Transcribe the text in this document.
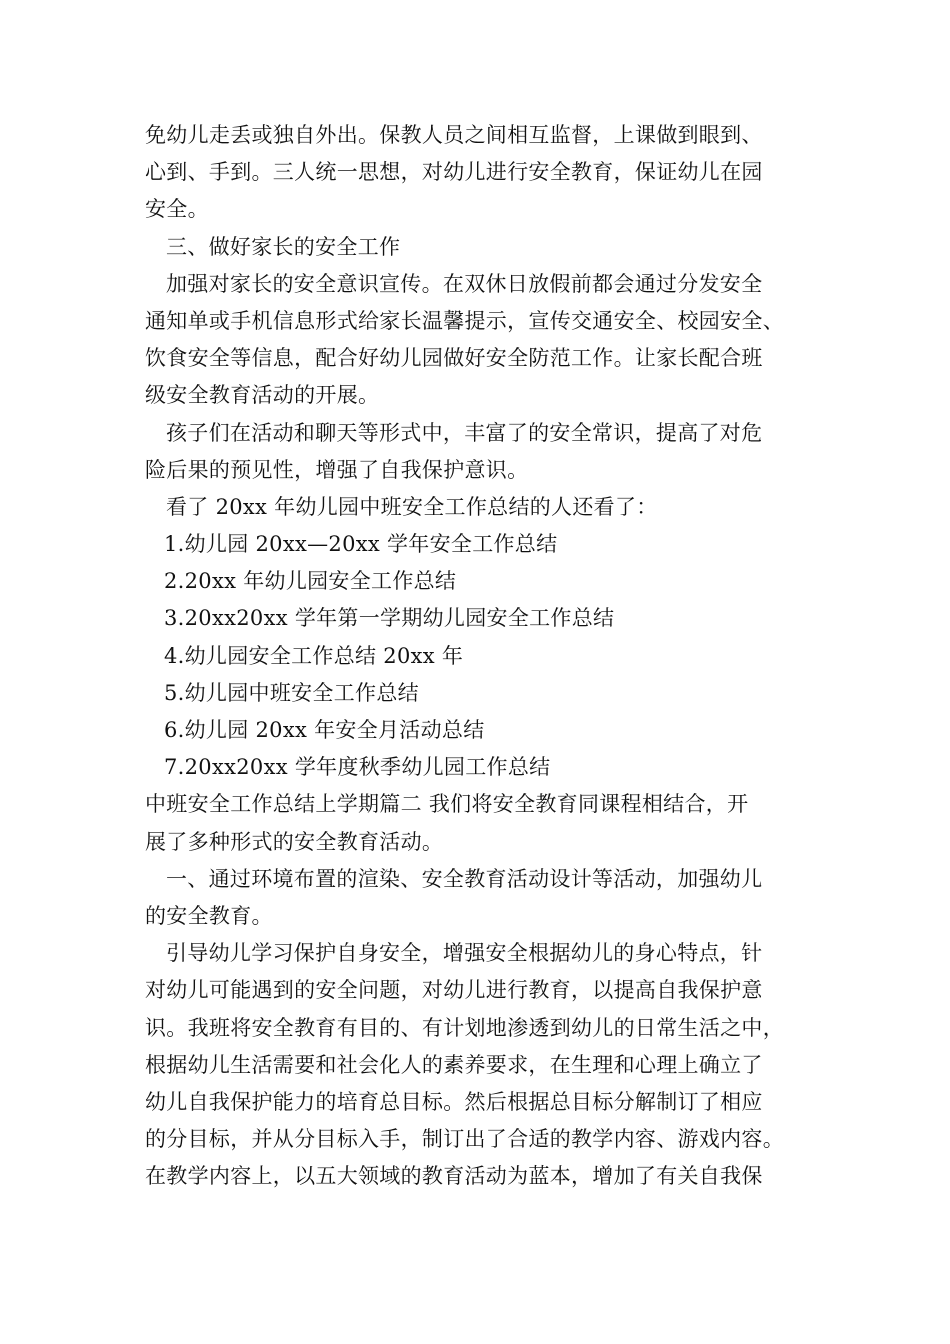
免幼儿走丢或独自外出。保教人员之间相互监督，上课做到眼到、
心到、手到。三人统一思想，对幼儿进行安全教育，保证幼儿在园
安全。
三、做好家长的安全工作
加强对家长的安全意识宣传。在双休日放假前都会通过分发安全
通知单或手机信息形式给家长温馨提示，宣传交通安全、校园安全、
饮食安全等信息，配合好幼儿园做好安全防范工作。让家长配合班
级安全教育活动的开展。
孩子们在活动和聊天等形式中，丰富了的安全常识，提高了对危
险后果的预见性，增强了自我保护意识。
看了 20xx 年幼儿园中班安全工作总结的人还看了：
1.幼儿园 20xx—20xx 学年安全工作总结
2.20xx 年幼儿园安全工作总结
3.20xx20xx 学年第一学期幼儿园安全工作总结
4.幼儿园安全工作总结 20xx 年
5.幼儿园中班安全工作总结
6.幼儿园 20xx 年安全月活动总结
7.20xx20xx 学年度秋季幼儿园工作总结
中班安全工作总结上学期篇二 我们将安全教育同课程相结合，开
展了多种形式的安全教育活动。
一、通过环境布置的渲染、安全教育活动设计等活动，加强幼儿
的安全教育。
引导幼儿学习保护自身安全，增强安全根据幼儿的身心特点，针
对幼儿可能遇到的安全问题，对幼儿进行教育，以提高自我保护意
识。我班将安全教育有目的、有计划地渗透到幼儿的日常生活之中，
根据幼儿生活需要和社会化人的素养要求，在生理和心理上确立了
幼儿自我保护能力的培育总目标。然后根据总目标分解制订了相应
的分目标，并从分目标入手，制订出了合适的教学内容、游戏内容。
在教学内容上，以五大领域的教育活动为蓝本，增加了有关自我保
